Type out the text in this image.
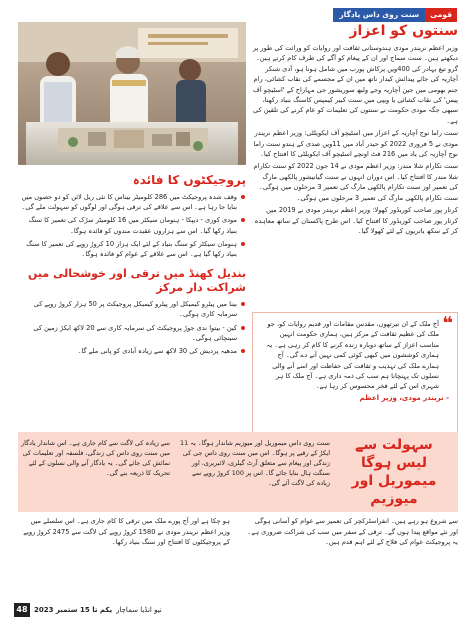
قومی
سنت روی داس یادگار
سنتوں کو اعزاز

وزیر اعظم نریندر مودی ہندوستانی ثقافت اور روایات کو وراثت کی طور پر دیکھتے ہیں۔ سنت سماج اور ان کے پیغام کو آگے کی طرف کام کرتے ہیں۔ گرو تیغ بہادر کی 400ویں پرکاش پورب میں شامل ہونا ہو، آدی شنکر آچاریہ کی جائے پیدائش کیدار ناتھ میں ان کے مجسمے کی نقاب کشائی، رام جنم بھومی میں جین آچاریہ وجے ولبھ سوریشور جی مہاراج کے 'اسٹیچو آف پیس' کی نقاب کشائی یا ویپی میں سنت کبیر کیمپس کاسنگ بنیاد رکھنا، سبھی جگہ مودی حکومت نے سنتوں کی تعلیمات کو عام کرنے کی تلقین کی ہے۔

سنت راما نوج آچاریہ کے اعزاز میں اسٹیچو آف ایکویلٹی: وزیر اعظم نریندر مودی نے 5 فروری 2022 کو حیدر آباد میں 11ویں صدی کے ہندو سنت راما نوج آچاریہ کی یاد میں 216 فٹ اونچے اسٹیچو آف ایکویلٹی کا افتتاح کیا۔

سنت تکارام شلا مندر: وزیر اعظم مودی نے 14 جون 2022 کو سنت تکارام شلا مندر کا افتتاح کیا۔ اس دوران انہوں نے سنت گیانیشور پالکھی مارگ کی تعمیر اور سنت تکارام پالکھی مارگ کی تعمیر 3 مرحلوں میں ہوگی۔ سنت تکارام پالکھی مارگ کی تعمیر 3 مرحلوں میں ہوگی۔

کرتار پور صاحب کوریڈور کھولا: وزیر اعظم نریندر مودی نے 2019 میں کرتار پور صاحب کوریڈور کا افتتاح کیا۔ اس طرح پاکستان کے ساتھ معاہدہ کر کے سکھ یاتریوں کے لئے کھولا گیا۔

❝

آج ملک کے ان تیرتھوں، مقدس مقامات اور قدیم روایات کو، جو ملک کی عظیم ثقافت کے مرکز ہیں، ہماری حکومت انہیں مناسب اعزاز کے ساتھ دوبارہ زندہ کرنے کا کام کر رہی ہے۔ یہ ہماری کوششوں میں کبھی کوئی کمی نہیں آنے دے گی۔ آج ہمارے ملک کی تہذیب و ثقافت کی حفاظت اور اسے آنے والی نسلوں تک پہنچانا ہم سب کی ذمہ داری ہے۔ آج ملک کا ہر شہری اس کے لئے فخر محسوس کر رہا ہے۔

- نریندر مودی، وزیر اعظم

پروجیکٹوں کا فائدہ

وقف شدہ پروجیکٹ میں 286 کلومیٹر بیناس کا نئی ریل لائن کو دو حصوں میں بنایا جا رہا ہے۔ اس سے علاقے کی ترقی ہوگی اور لوگوں کو سہولت ملے گی۔

مودی کوری - دیپکا - ہنومان سیکٹر میں 16 کلومیٹر سڑک کی تعمیر کا سنگ بنیاد رکھا گیا۔ اس سے ہزاروں عقیدت مندوں کو فائدہ ہوگا۔

ہنومان سیکٹر کو سنگ بنیاد کے لئے ایک ہزار 10 کروڑ روپے کی تعمیر کا سنگ بنیاد رکھا گیا ہے۔ اس سے علاقے کے عوام کو فائدہ ہوگا۔

بندیل کھنڈ میں ترقی اور خوشحالی میں شراکت دار مرکز

بینا میں پیٹرو کیمیکل اور پیٹرو کیمیکل پروجیکٹ پر 50 ہزار کروڑ روپے کی سرمایہ کاری ہوگی۔

کین - بیتوا ندی جوڑ پروجیکٹ کی سرمایہ کاری سے 20 لاکھ ایکڑ زمین کی سینچائی ہوگی۔

مدھیہ پردیش کی 30 لاکھ سے زیادہ آبادی کو پانی ملے گا۔

سہولت سے لیس ہوگا میموریل اور میوزیم

سنت روی داس میموریل اور میوزیم شاندار ہوگا۔ یہ 11 ایکڑ کے رقبے پر ہوگا۔ اس میں سنت روی داس جی کی زندگی اور پیغام سے متعلق آرٹ گیلری، لائبریری، اور سنگت ہال بنایا جائے گا۔ اس پر 100 کروڑ روپے سے زیادہ کی لاگت آئے گی۔

سے زیادہ کی لاگت سے کام جاری ہے۔ اس شاندار یادگار میں سنت روی داس کی زندگی، فلسفہ اور تعلیمات کی نمائش کی جائے گی۔ یہ یادگار آنے والی نسلوں کے لئے تحریک کا ذریعہ بنے گی۔

سے شروع ہو رہے ہیں۔ انفراسٹرکچر کی تعمیر سے عوام کو آسانی ہوگی اور نئے مواقع پیدا ہوں گے۔ ترقی کے سفر میں سب کی شراکت ضروری ہے۔ یہ پروجیکٹ عوام کی فلاح کے لئے اہم قدم ہیں۔

ہو چکا ہے اور آج پورے ملک میں ترقی کا کام جاری ہے۔ اس سلسلے میں وزیر اعظم نریندر مودی نے 1580 کروڑ روپے کی لاگت سے 2475 کروڑ روپے کے پروجیکٹوں کا افتتاح اور سنگ بنیاد رکھا۔

48 یکم تا 15 ستمبر 2023 نیو انڈیا سماچار
